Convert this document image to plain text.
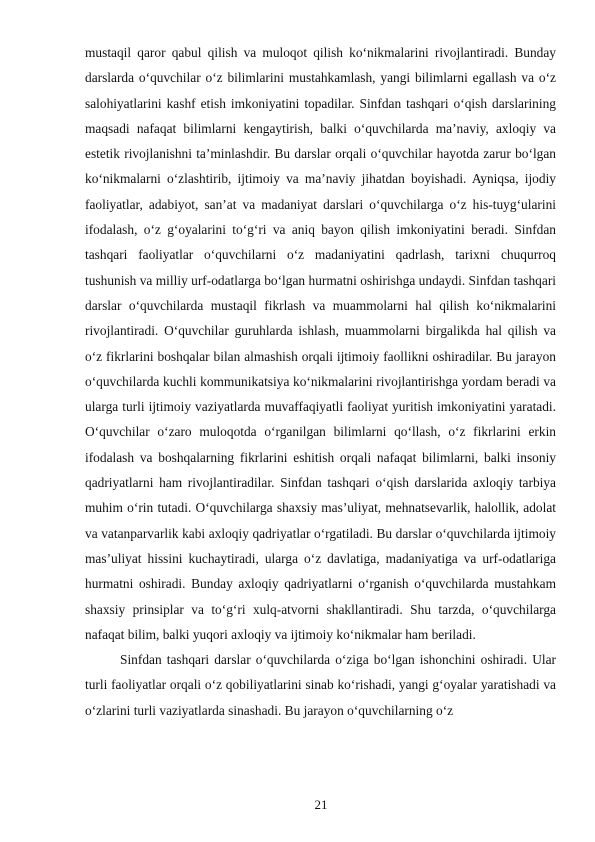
mustaqil qaror qabul qilish va muloqot qilish ko‘nikmalarini rivojlantiradi. Bunday darslarda o‘quvchilar o‘z bilimlarini mustahkamlash, yangi bilimlarni egallash va o‘z salohiyatlarini kashf etish imkoniyatini topadilar. Sinfdan tashqari o‘qish darslarining maqsadi nafaqat bilimlarni kengaytirish, balki o‘quvchilarda ma’naviy, axloqiy va estetik rivojlanishni ta’minlashdir. Bu darslar orqali o‘quvchilar hayotda zarur bo‘lgan ko‘nikmalarni o‘zlashtirib, ijtimoiy va ma’naviy jihatdan boyishadi. Ayniqsa, ijodiy faoliyatlar, adabiyot, san’at va madaniyat darslari o‘quvchilarga o‘z his-tuyg‘ularini ifodalash, o‘z g‘oyalarini to‘g‘ri va aniq bayon qilish imkoniyatini beradi. Sinfdan tashqari faoliyatlar o‘quvchilarni o‘z madaniyatini qadrlash, tarixni chuqurroq tushunish va milliy urf-odatlarga bo‘lgan hurmatni oshirishga undaydi. Sinfdan tashqari darslar o‘quvchilarda mustaqil fikrlash va muammolarni hal qilish ko‘nikmalarini rivojlantiradi. O‘quvchilar guruhlarda ishlash, muammolarni birgalikda hal qilish va o‘z fikrlarini boshqalar bilan almashish orqali ijtimoiy faollikni oshiradilar. Bu jarayon o‘quvchilarda kuchli kommunikatsiya ko‘nikmalarini rivojlantirishga yordam beradi va ularga turli ijtimoiy vaziyatlarda muvaffaqiyatli faoliyat yuritish imkoniyatini yaratadi. O‘quvchilar o‘zaro muloqotda o‘rganilgan bilimlarni qo‘llash, o‘z fikrlarini erkin ifodalash va boshqalarning fikrlarini eshitish orqali nafaqat bilimlarni, balki insoniy qadriyatlarni ham rivojlantiradilar. Sinfdan tashqari o‘qish darslarida axloqiy tarbiya muhim o‘rin tutadi. O‘quvchilarga shaxsiy mas’uliyat, mehnatsevarlik, halollik, adolat va vatanparvarlik kabi axloqiy qadriyatlar o‘rgatiladi. Bu darslar o‘quvchilarda ijtimoiy mas’uliyat hissini kuchaytiradi, ularga o‘z davlatiga, madaniyatiga va urf-odatlariga hurmatni oshiradi. Bunday axloqiy qadriyatlarni o‘rganish o‘quvchilarda mustahkam shaxsiy prinsiplar va to‘g‘ri xulq-atvorni shakllantiradi. Shu tarzda, o‘quvchilarga nafaqat bilim, balki yuqori axloqiy va ijtimoiy ko‘nikmalar ham beriladi.

Sinfdan tashqari darslar o‘quvchilarda o‘ziga bo‘lgan ishonchini oshiradi. Ular turli faoliyatlar orqali o‘z qobiliyatlarini sinab ko‘rishadi, yangi g‘oyalar yaratishadi va o‘zlarini turli vaziyatlarda sinashadi. Bu jarayon o‘quvchilarning o‘z

21
